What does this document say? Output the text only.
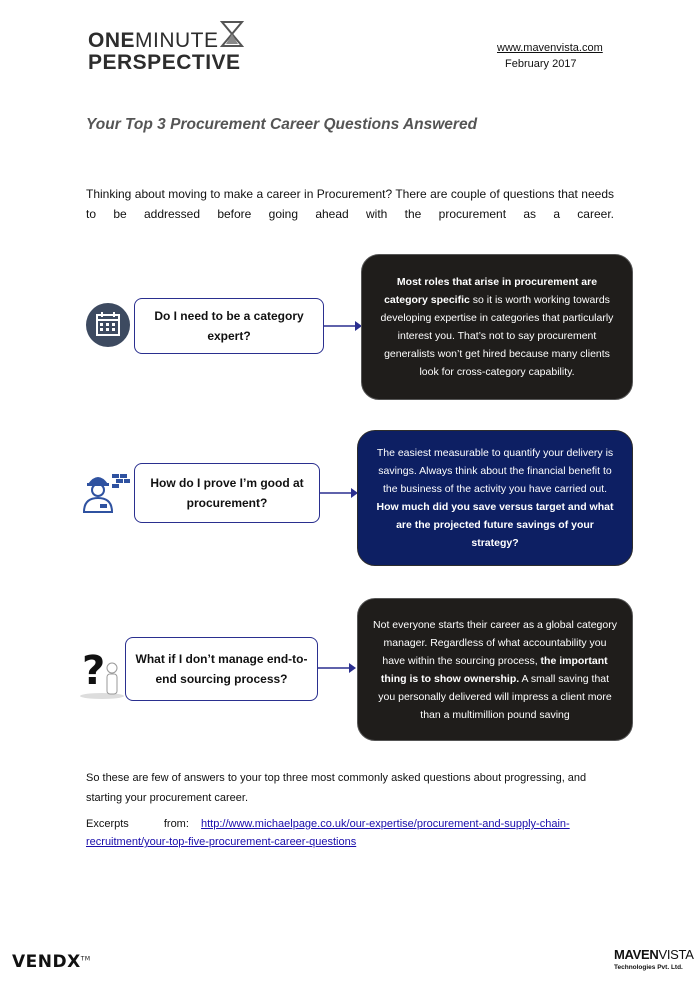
ONEMINUTE
PERSPECTIVE
www.mavenvista.com
February 2017
Your Top 3 Procurement Career Questions Answered
Thinking about moving to make a career in Procurement? There are couple of questions that needs to be addressed before going ahead with the procurement as a career.
Do I need to be a category expert?
Most roles that arise in procurement are category specific so it is worth working towards developing expertise in categories that particularly interest you. That’s not to say procurement generalists won’t get hired because many clients look for cross-category capability.
How do I prove I’m good at procurement?
The easiest measurable to quantify your delivery is savings. Always think about the financial benefit to the business of the activity you have carried out. How much did you save versus target and what are the projected future savings of your strategy?
?	What if I don’t manage end-to-end sourcing process?
Not everyone starts their career as a global category manager. Regardless of what accountability you have within the sourcing process, the important thing is to show ownership. A small saving that you personally delivered will impress a client more than a multimillion pound saving
So these are few of answers to your top three most commonly asked questions about progressing, and starting your procurement career.
Excerpts from: http://www.michaelpage.co.uk/our-expertise/procurement-and-supply-chain-
recruitment/your-top-five-procurement-career-questions
VENDX™	MAVENVISTA
Technologies Pvt. Ltd.
